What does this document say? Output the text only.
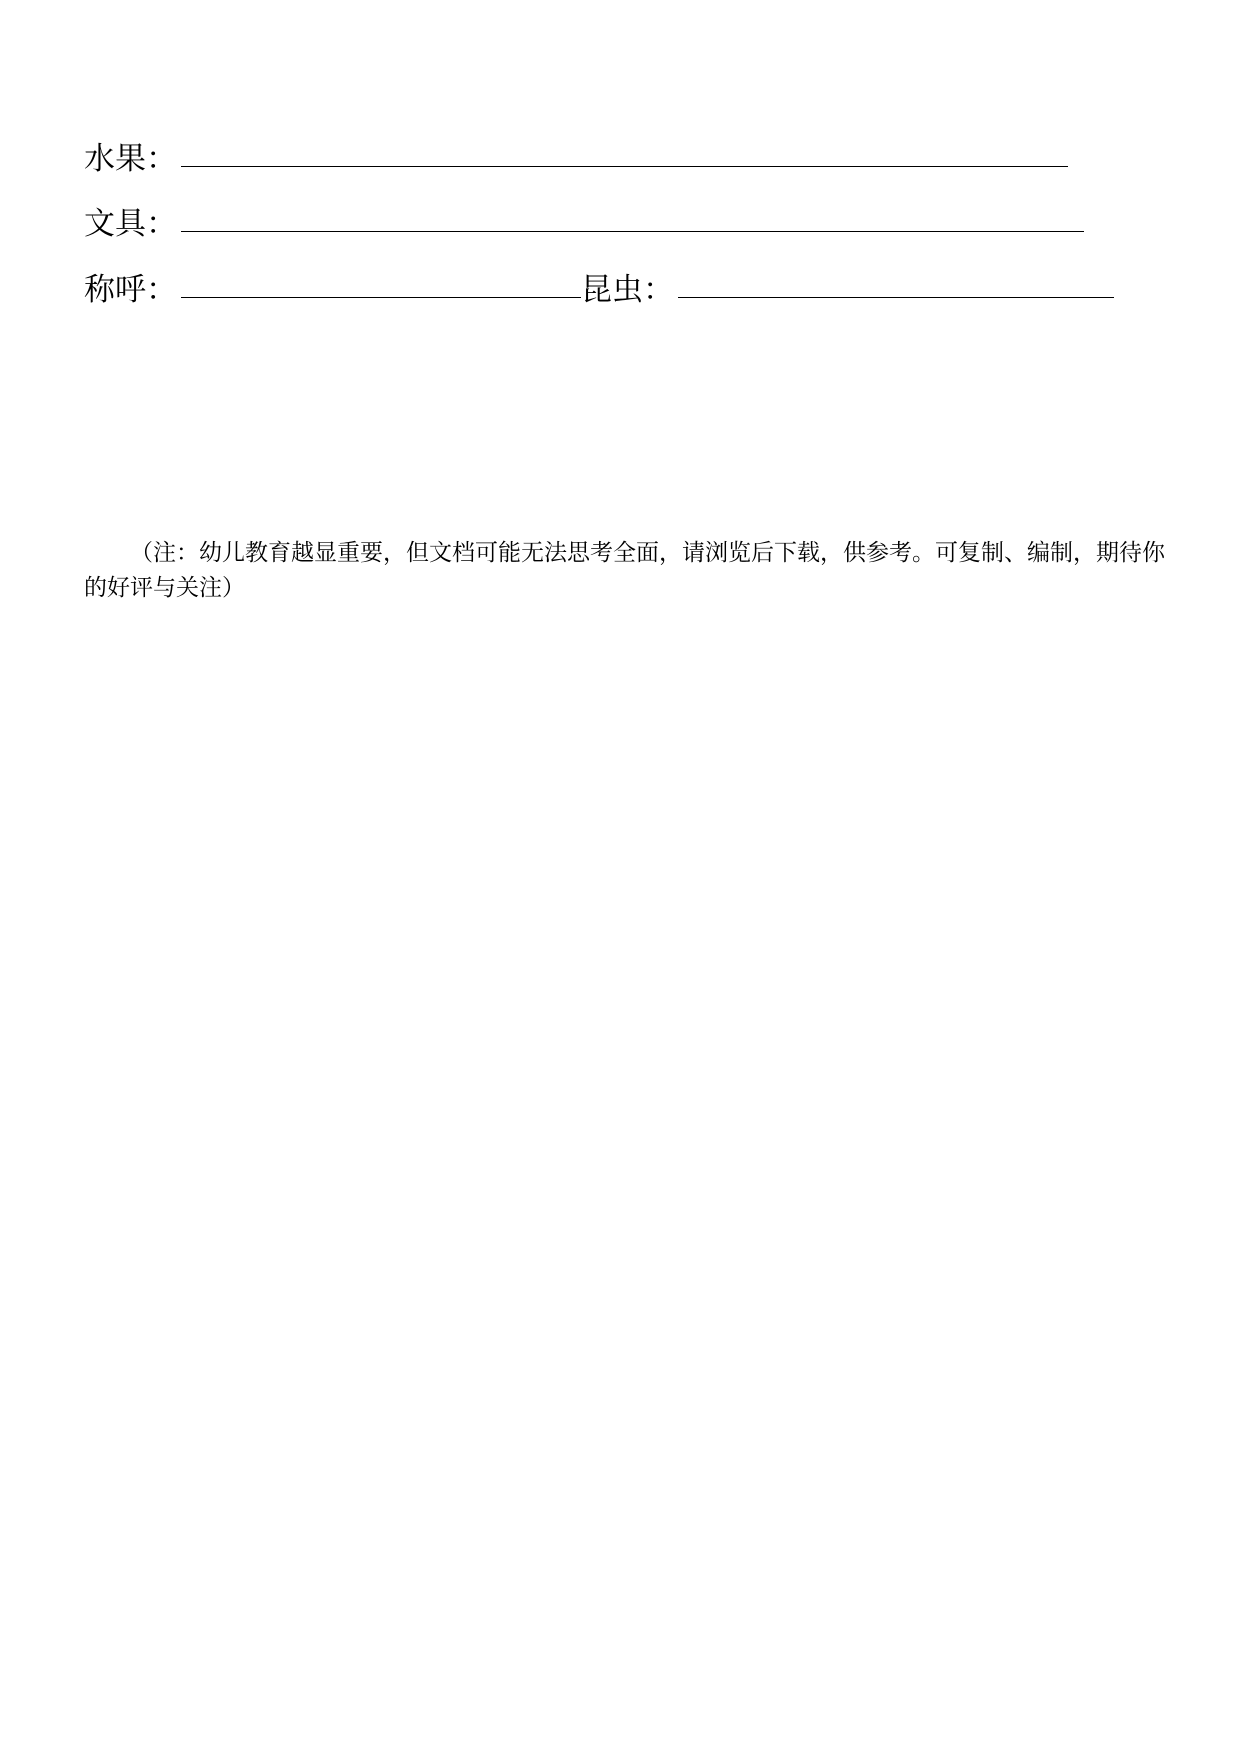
水果：
文具：
称呼：	昆虫：

（注：幼儿教育越显重要，但文档可能无法思考全面，请浏览后下载，供参考。可复制、编制，期待你的好评与关注）
